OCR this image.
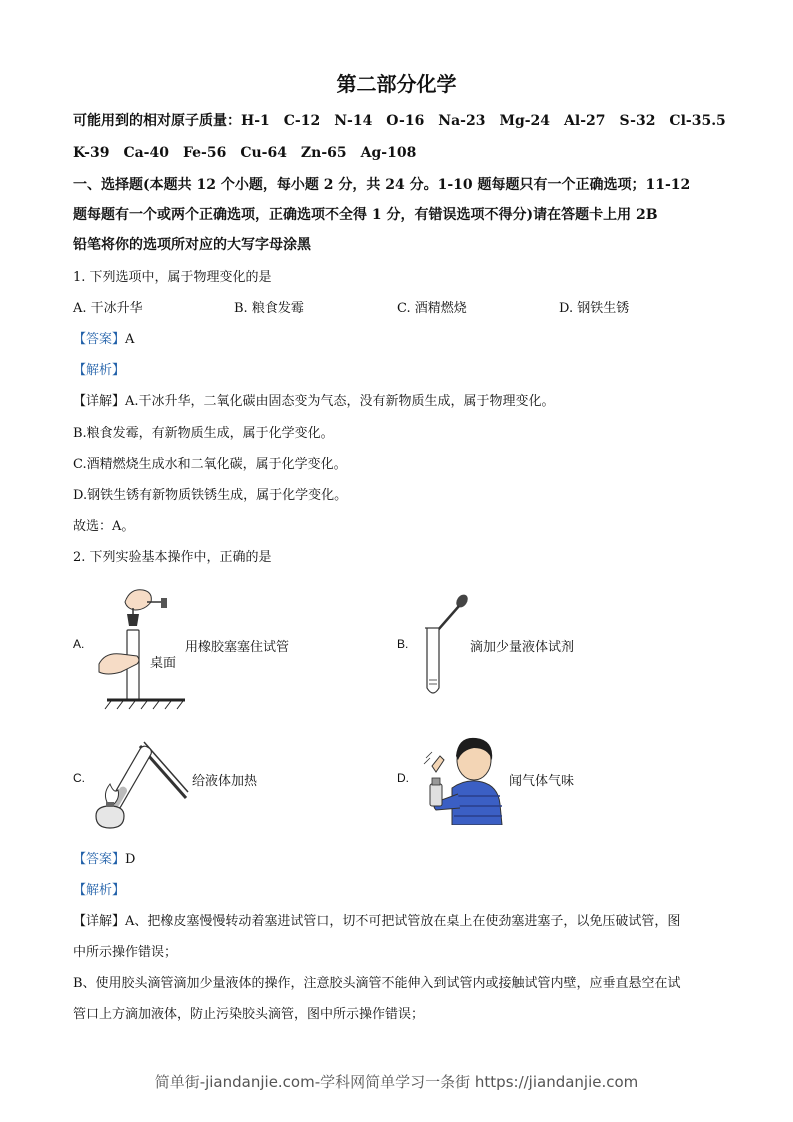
第二部分化学
可能用到的相对原子质量：H-1　C-12　N-14　O-16　Na-23　Mg-24　Al-27　S-32　Cl-35.5
K-39　Ca-40　Fe-56　Cu-64　Zn-65　Ag-108
一、选择题(本题共 12 个小题，每小题 2 分，共 24 分。1-10 题每题只有一个正确选项；11-12
题每题有一个或两个正确选项，正确选项不全得 1 分，有错误选项不得分)请在答题卡上用 2B
铅笔将你的选项所对应的大写字母涂黑
1. 下列选项中，属于物理变化的是
A. 干冰升华	B. 粮食发霉	C. 酒精燃烧	D. 钢铁生锈
【答案】A
【解析】
【详解】A.干冰升华，二氧化碳由固态变为气态，没有新物质生成，属于物理变化。
B.粮食发霉，有新物质生成，属于化学变化。
C.酒精燃烧生成水和二氧化碳，属于化学变化。
D.钢铁生锈有新物质铁锈生成，属于化学变化。
故选：A。
2. 下列实验基本操作中，正确的是
A.
桌面
用橡胶塞塞住试管	B.	滴加少量液体试剂
C.	给液体加热	D.	闻气体气味
【答案】D
【解析】
【详解】A、把橡皮塞慢慢转动着塞进试管口，切不可把试管放在桌上在使劲塞进塞子，以免压破试管，图
中所示操作错误；
B、使用胶头滴管滴加少量液体的操作，注意胶头滴管不能伸入到试管内或接触试管内壁，应垂直悬空在试
管口上方滴加液体，防止污染胶头滴管，图中所示操作错误；
简单街-jiandanjie.com-学科网简单学习一条街 https://jiandanjie.com
